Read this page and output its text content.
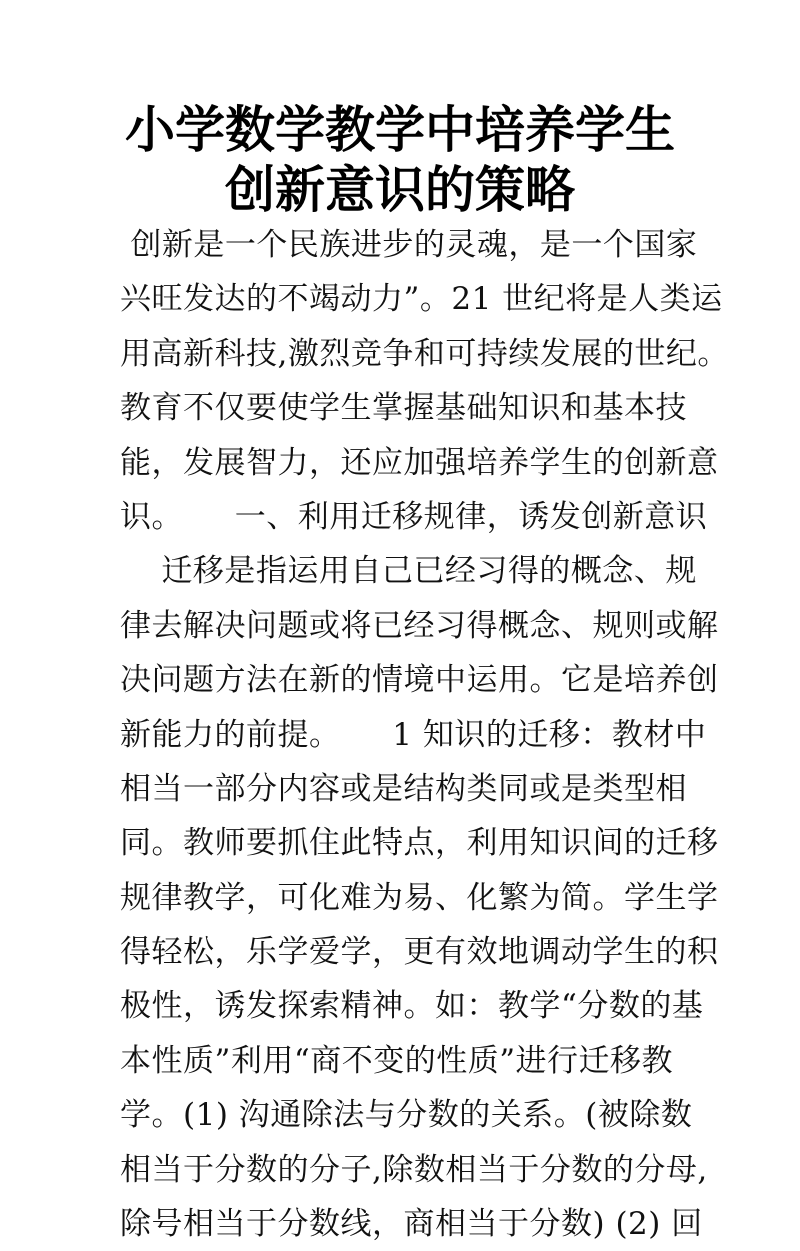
小学数学教学中培养学生
创新意识的策略
创新是一个民族进步的灵魂，是一个国家
兴旺发达的不竭动力”。21 世纪将是人类运
用高新科技,激烈竞争和可持续发展的世纪。
教育不仅要使学生掌握基础知识和基本技
能，发展智力，还应加强培养学生的创新意
识。     一、利用迁移规律，诱发创新意识
迁移是指运用自己已经习得的概念、规
律去解决问题或将已经习得概念、规则或解
决问题方法在新的情境中运用。它是培养创
新能力的前提。     1 知识的迁移：教材中
相当一部分内容或是结构类同或是类型相
同。教师要抓住此特点，利用知识间的迁移
规律教学，可化难为易、化繁为简。学生学
得轻松，乐学爱学，更有效地调动学生的积
极性，诱发探索精神。如：教学“分数的基
本性质”利用“商不变的性质”进行迁移教
学。(1) 沟通除法与分数的关系。(被除数
相当于分数的分子,除数相当于分数的分母,
除号相当于分数线，商相当于分数) (2) 回
